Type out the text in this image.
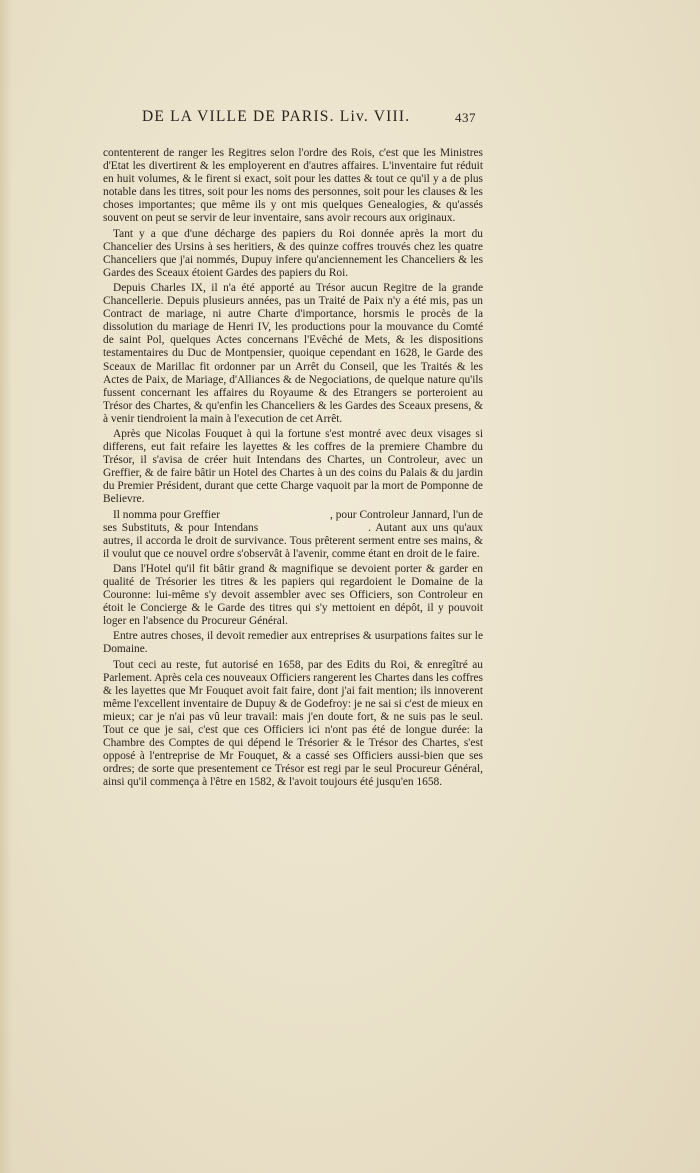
DE LA VILLE DE PARIS. Liv. VIII.	437

contenterent de ranger les Regitres selon l'ordre des Rois, c'est que les Ministres d'Etat les divertirent & les employerent en d'autres affaires. L'inventaire fut réduit en huit volumes, & le firent si exact, soit pour les dattes & tout ce qu'il y a de plus notable dans les titres, soit pour les noms des personnes, soit pour les clauses & les choses importantes; que même ils y ont mis quelques Genealogies, & qu'assés souvent on peut se servir de leur inventaire, sans avoir recours aux originaux.

Tant y a que d'une décharge des papiers du Roi donnée après la mort du Chancelier des Ursins à ses heritiers, & des quinze coffres trouvés chez les quatre Chanceliers que j'ai nommés, Dupuy infere qu'anciennement les Chanceliers & les Gardes des Sceaux étoient Gardes des papiers du Roi.

Depuis Charles IX, il n'a été apporté au Trésor aucun Regitre de la grande Chancellerie. Depuis plusieurs années, pas un Traité de Paix n'y a été mis, pas un Contract de mariage, ni autre Charte d'importance, horsmis le procès de la dissolution du mariage de Henri IV, les productions pour la mouvance du Comté de saint Pol, quelques Actes concernans l'Evêché de Mets, & les dispositions testamentaires du Duc de Montpensier, quoique cependant en 1628, le Garde des Sceaux de Marillac fit ordonner par un Arrêt du Conseil, que les Traités & les Actes de Paix, de Mariage, d'Alliances & de Negociations, de quelque nature qu'ils fussent concernant les affaires du Royaume & des Etrangers se porteroient au Trésor des Chartes, & qu'enfin les Chanceliers & les Gardes des Sceaux presens, & à venir tiendroient la main à l'execution de cet Arrêt.

Après que Nicolas Fouquet à qui la fortune s'est montré avec deux visages si differens, eut fait refaire les layettes & les coffres de la premiere Chambre du Trésor, il s'avisa de créer huit Intendans des Chartes, un Controleur, avec un Greffier, & de faire bâtir un Hotel des Chartes à un des coins du Palais & du jardin du Premier Président, durant que cette Charge vaquoit par la mort de Pomponne de Believre.

Il nomma pour Greffier	, pour Controleur Jannard, l'un de ses Substituts, & pour Intendans	. Autant aux uns qu'aux autres, il accorda le droit de survivance. Tous prêterent serment entre ses mains, & il voulut que ce nouvel ordre s'observât à l'avenir, comme étant en droit de le faire.

Dans l'Hotel qu'il fit bâtir grand & magnifique se devoient porter & garder en qualité de Trésorier les titres & les papiers qui regardoient le Domaine de la Couronne: lui-même s'y devoit assembler avec ses Officiers, son Controleur en étoit le Concierge & le Garde des titres qui s'y mettoient en dépôt, il y pouvoit loger en l'absence du Procureur Général.

Entre autres choses, il devoit remedier aux entreprises & usurpations faites sur le Domaine.

Tout ceci au reste, fut autorisé en 1658, par des Edits du Roi, & enregîtré au Parlement. Après cela ces nouveaux Officiers rangerent les Chartes dans les coffres & les layettes que Mr Fouquet avoit fait faire, dont j'ai fait mention; ils innoverent même l'excellent inventaire de Dupuy & de Godefroy: je ne sai si c'est de mieux en mieux; car je n'ai pas vû leur travail: mais j'en doute fort, & ne suis pas le seul. Tout ce que je sai, c'est que ces Officiers ici n'ont pas été de longue durée: la Chambre des Comptes de qui dépend le Trésorier & le Trésor des Chartes, s'est opposé à l'entreprise de Mr Fouquet, & a cassé ses Officiers aussi-bien que ses ordres; de sorte que presentement ce Trésor est regi par le seul Procureur Général, ainsi qu'il commença à l'être en 1582, & l'avoit toujours été jusqu'en 1658.
